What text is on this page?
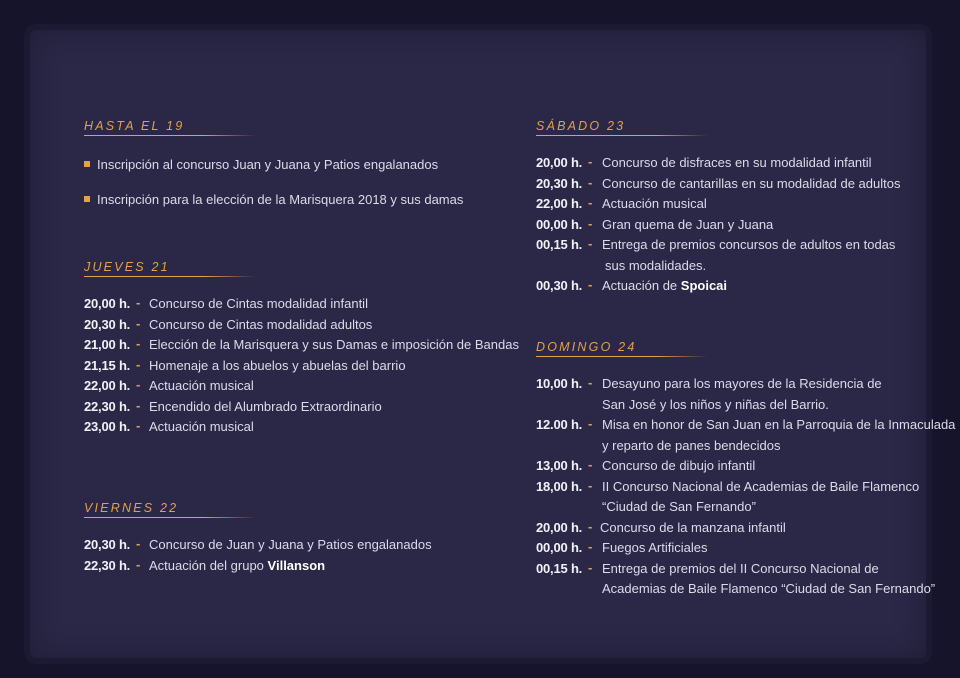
HASTA EL 19
Inscripción al concurso Juan y Juana y Patios engalanados
Inscripción para la elección de la Marisquera 2018 y sus damas
JUEVES 21
20,00 h. - Concurso de Cintas modalidad infantil
20,30 h. - Concurso de Cintas modalidad adultos
21,00 h. - Elección de la Marisquera y sus Damas e imposición de Bandas
21,15 h. - Homenaje a los abuelos y abuelas del barrio
22,00 h. - Actuación musical
22,30 h. - Encendido del Alumbrado Extraordinario
23,00 h. - Actuación musical
VIERNES 22
20,30 h. - Concurso de Juan y Juana y Patios engalanados
22,30 h. - Actuación del grupo Villanson
SÁBADO 23
20,00 h. - Concurso de disfraces en su modalidad infantil
20,30 h. - Concurso de cantarillas en su modalidad de adultos
22,00 h. - Actuación musical
00,00 h. - Gran quema de Juan y Juana
00,15 h. - Entrega de premios concursos de adultos en todas
sus modalidades.
00,30 h. - Actuación de Spoicai
DOMINGO 24
10,00 h. - Desayuno para los mayores de la Residencia de
San José y los niños y niñas del Barrio.
12.00 h. - Misa en honor de San Juan en la Parroquia de la Inmaculada
y reparto de panes bendecidos
13,00 h. - Concurso de dibujo infantil
18,00 h. - II Concurso Nacional de Academias de Baile Flamenco
“Ciudad de San Fernando”
20,00 h. - Concurso de la manzana infantil
00,00 h. - Fuegos Artificiales
00,15 h. - Entrega de premios del II Concurso Nacional de
Academias de Baile Flamenco “Ciudad de San Fernando”
